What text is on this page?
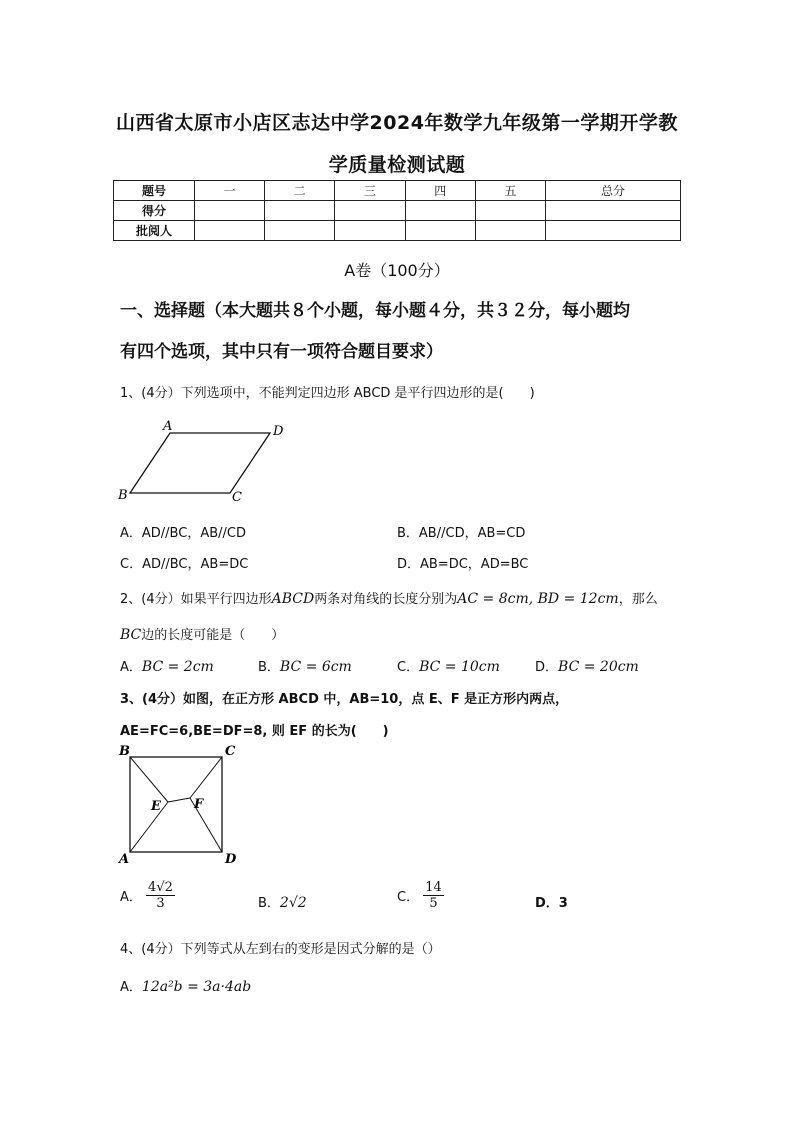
山西省太原市小店区志达中学2024年数学九年级第一学期开学教
学质量检测试题
题号	一	二	三	四	五	总分
得分						
批阅人						
A卷（100分）
一、选择题（本大题共８个小题，每小题４分，共３２分，每小题均
有四个选项，其中只有一项符合题目要求）
1、(4分）下列选项中，不能判定四边形 ABCD 是平行四边形的是(　　)
A	D
B	C
A．AD//BC，AB//CD	B．AB//CD，AB=CD
C．AD//BC，AB=DC	D．AB=DC，AD=BC
2、(4分）如果平行四边形ABCD两条对角线的长度分别为AC = 8cm, BD = 12cm，那么
BC边的长度可能是（　　）
A．BC = 2cm	B．BC = 6cm	C．BC = 10cm	D．BC = 20cm
3、(4分）如图，在正方形 ABCD 中，AB=10，点 E、F 是正方形内两点，
AE=FC=6,BE=DF=8, 则 EF 的长为(　　)
B	C
E	F
A	D
A． $\frac{4√2}{3}$	B．2√2	C． $\frac{14}{5}$	D．3
4、(4分）下列等式从左到右的变形是因式分解的是（）
A．12a²b = 3a·4ab
